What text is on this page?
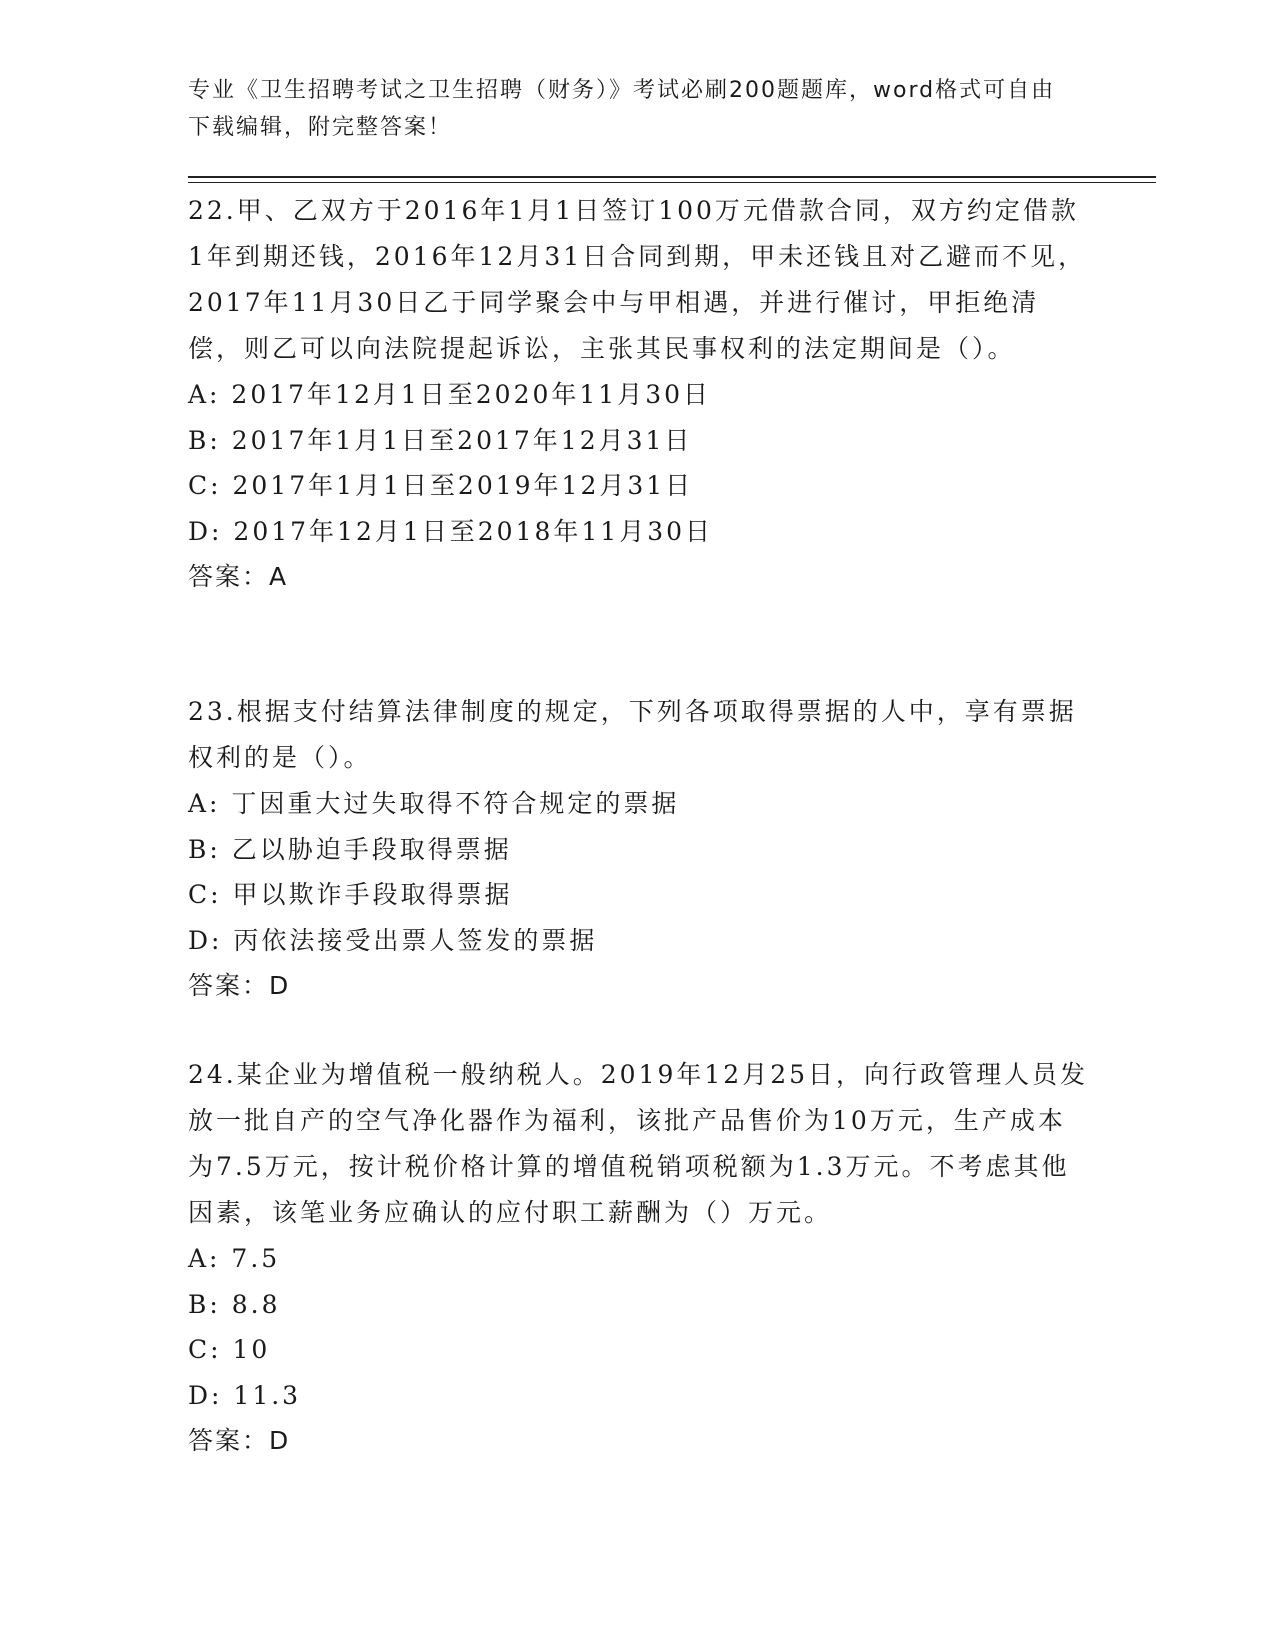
专业《卫生招聘考试之卫生招聘（财务）》考试必刷200题题库，word格式可自由下载编辑，附完整答案！
22.甲、乙双方于2016年1月1日签订100万元借款合同，双方约定借款1年到期还钱，2016年12月31日合同到期，甲未还钱且对乙避而不见，2017年11月30日乙于同学聚会中与甲相遇，并进行催讨，甲拒绝清偿，则乙可以向法院提起诉讼，主张其民事权利的法定期间是（）。
A: 2017年12月1日至2020年11月30日
B: 2017年1月1日至2017年12月31日
C: 2017年1月1日至2019年12月31日
D: 2017年12月1日至2018年11月30日
答案：A
23.根据支付结算法律制度的规定，下列各项取得票据的人中，享有票据权利的是（）。
A: 丁因重大过失取得不符合规定的票据
B: 乙以胁迫手段取得票据
C: 甲以欺诈手段取得票据
D: 丙依法接受出票人签发的票据
答案：D
24.某企业为增值税一般纳税人。2019年12月25日，向行政管理人员发放一批自产的空气净化器作为福利，该批产品售价为10万元，生产成本为7.5万元，按计税价格计算的增值税销项税额为1.3万元。不考虑其他因素，该笔业务应确认的应付职工薪酬为（）万元。
A: 7.5
B: 8.8
C: 10
D: 11.3
答案：D
